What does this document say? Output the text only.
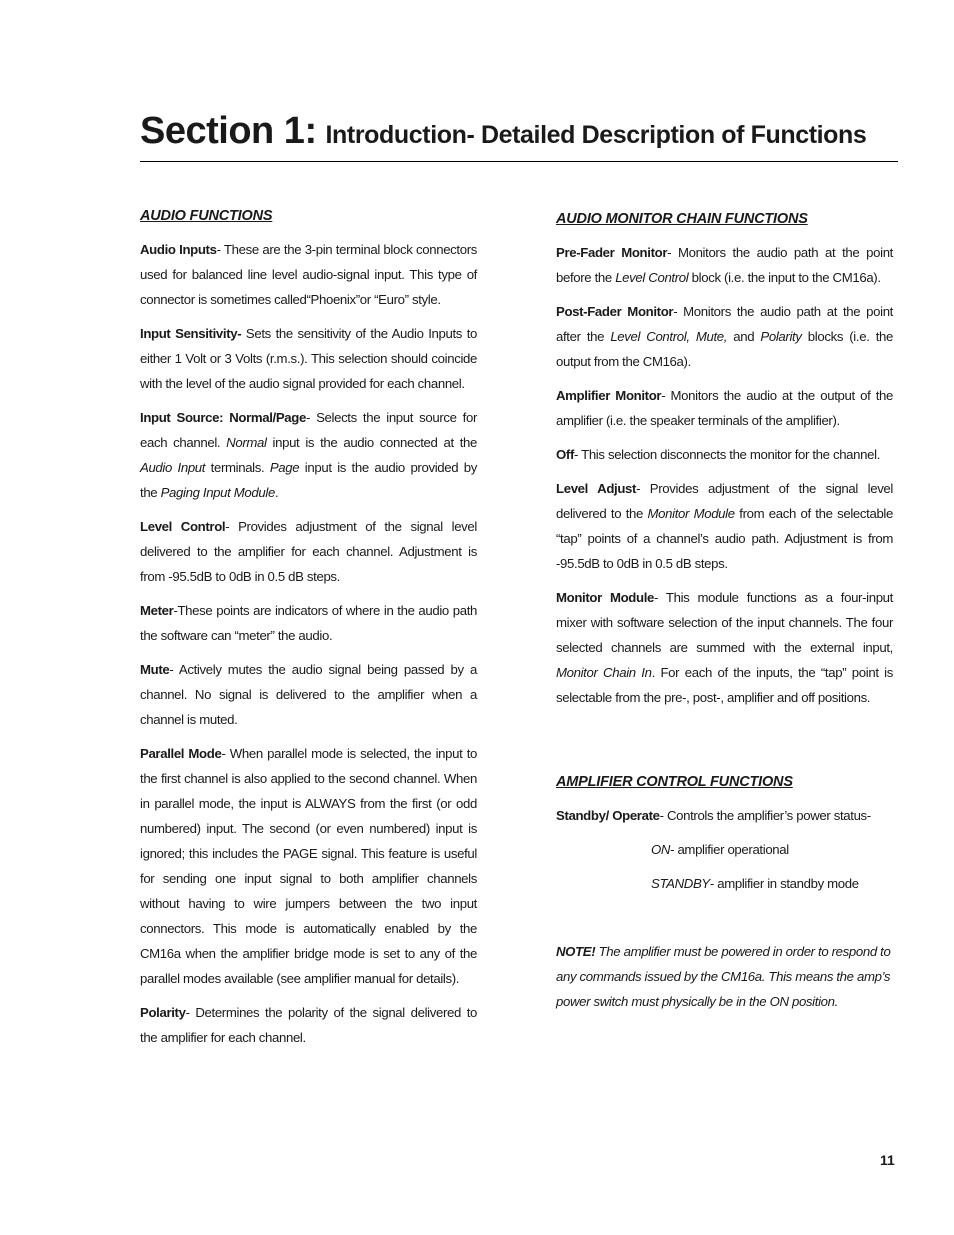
Section 1: Introduction- Detailed Description of Functions
AUDIO FUNCTIONS

Audio Inputs- These are the 3-pin terminal block connectors used for balanced line level audio-signal input. This type of connector is sometimes called“Phoenix”or “Euro” style.

Input Sensitivity- Sets the sensitivity of the Audio Inputs to either 1 Volt or 3 Volts (r.m.s.). This selection should coincide with the level of the audio signal provided for each channel.

Input Source: Normal/Page- Selects the input source for each channel. Normal input is the audio connected at the Audio Input terminals. Page input is the audio provided by the Paging Input Module.

Level Control- Provides adjustment of the signal level delivered to the amplifier for each channel. Adjustment is from -95.5dB to 0dB in 0.5 dB steps.

Meter-These points are indicators of where in the audio path the software can “meter” the audio.

Mute- Actively mutes the audio signal being passed by a channel. No signal is delivered to the amplifier when a channel is muted.

Parallel Mode- When parallel mode is selected, the input to the first channel is also applied to the second channel. When in parallel mode, the input is ALWAYS from the first (or odd numbered) input. The second (or even numbered) input is ignored; this includes the PAGE signal. This feature is useful for sending one input signal to both amplifier channels without having to wire jumpers between the two input connectors. This mode is automatically enabled by the CM16a when the amplifier bridge mode is set to any of the parallel modes available (see amplifier manual for details).

Polarity- Determines the polarity of the signal delivered to the amplifier for each channel.

AUDIO MONITOR CHAIN FUNCTIONS

Pre-Fader Monitor- Monitors the audio path at the point before the Level Control block (i.e. the input to the CM16a).

Post-Fader Monitor- Monitors the audio path at the point after the Level Control, Mute, and Polarity blocks (i.e. the output from the CM16a).

Amplifier Monitor- Monitors the audio at the output of the amplifier (i.e. the speaker terminals of the amplifier).

Off- This selection disconnects the monitor for the channel.

Level Adjust- Provides adjustment of the signal level delivered to the Monitor Module from each of the selectable “tap” points of a channel’s audio path. Adjustment is from -95.5dB to 0dB in 0.5 dB steps.

Monitor Module- This module functions as a four-input mixer with software selection of the input channels. The four selected channels are summed with the external input, Monitor Chain In. For each of the inputs, the “tap” point is selectable from the pre-, post-, amplifier and off positions.

AMPLIFIER CONTROL FUNCTIONS

Standby/ Operate- Controls the amplifier’s power status-

ON- amplifier operational

STANDBY- amplifier in standby mode

NOTE! The amplifier must be powered in order to respond to any commands issued by the CM16a. This means the amp’s power switch must physically be in the ON position.

11
